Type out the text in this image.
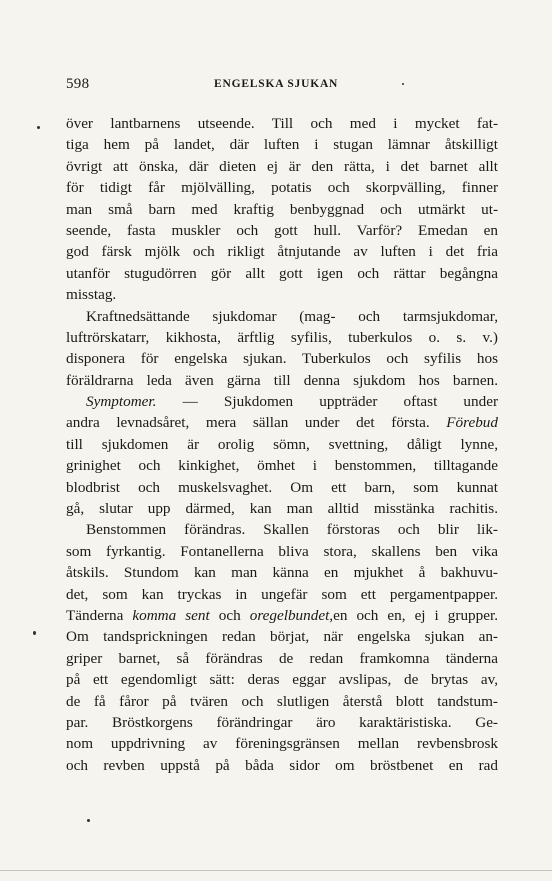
598	ENGELSKA SJUKAN
över lantbarnens utseende. Till och med i mycket fat-
tiga hem på landet, där luften i stugan lämnar åtskilligt
övrigt att önska, där dieten ej är den rätta, i det barnet allt
för tidigt får mjölvälling, potatis och skorpvälling, finner
man små barn med kraftig benbyggnad och utmärkt ut-
seende, fasta muskler och gott hull. Varför? Emedan en
god färsk mjölk och rikligt åtnjutande av luften i det fria
utanför stugudörren gör allt gott igen och rättar begångna
misstag.
Kraftnedsättande sjukdomar (mag- och tarmsjukdomar,
luftrörskatarr, kikhosta, ärftlig syfilis, tuberkulos o. s. v.)
disponera för engelska sjukan. Tuberkulos och syfilis hos
föräldrarna leda även gärna till denna sjukdom hos barnen.
Symptomer. — Sjukdomen uppträder oftast under
andra levnadsåret, mera sällan under det första. Förebud
till sjukdomen är orolig sömn, svettning, dåligt lynne,
grinighet och kinkighet, ömhet i benstommen, tilltagande
blodbrist och muskelsvaghet. Om ett barn, som kunnat
gå, slutar upp därmed, kan man alltid misstänka rachitis.
Benstommen förändras. Skallen förstoras och blir lik-
som fyrkantig. Fontanellerna bliva stora, skallens ben vika
åtskils. Stundom kan man känna en mjukhet å bakhuvu-
det, som kan tryckas in ungefär som ett pergamentpapper.
Tänderna komma sent och oregelbundet,en och en, ej i grupper.
Om tandsprickningen redan börjat, när engelska sjukan an-
griper barnet, så förändras de redan framkomna tänderna
på ett egendomligt sätt: deras eggar avslipas, de brytas av,
de få fåror på tvären och slutligen återstå blott tandstum-
par. Bröstkorgens förändringar äro karaktäristiska. Ge-
nom uppdrivning av föreningsgränsen mellan revbensbrosk
och revben uppstå på båda sidor om bröstbenet en rad
